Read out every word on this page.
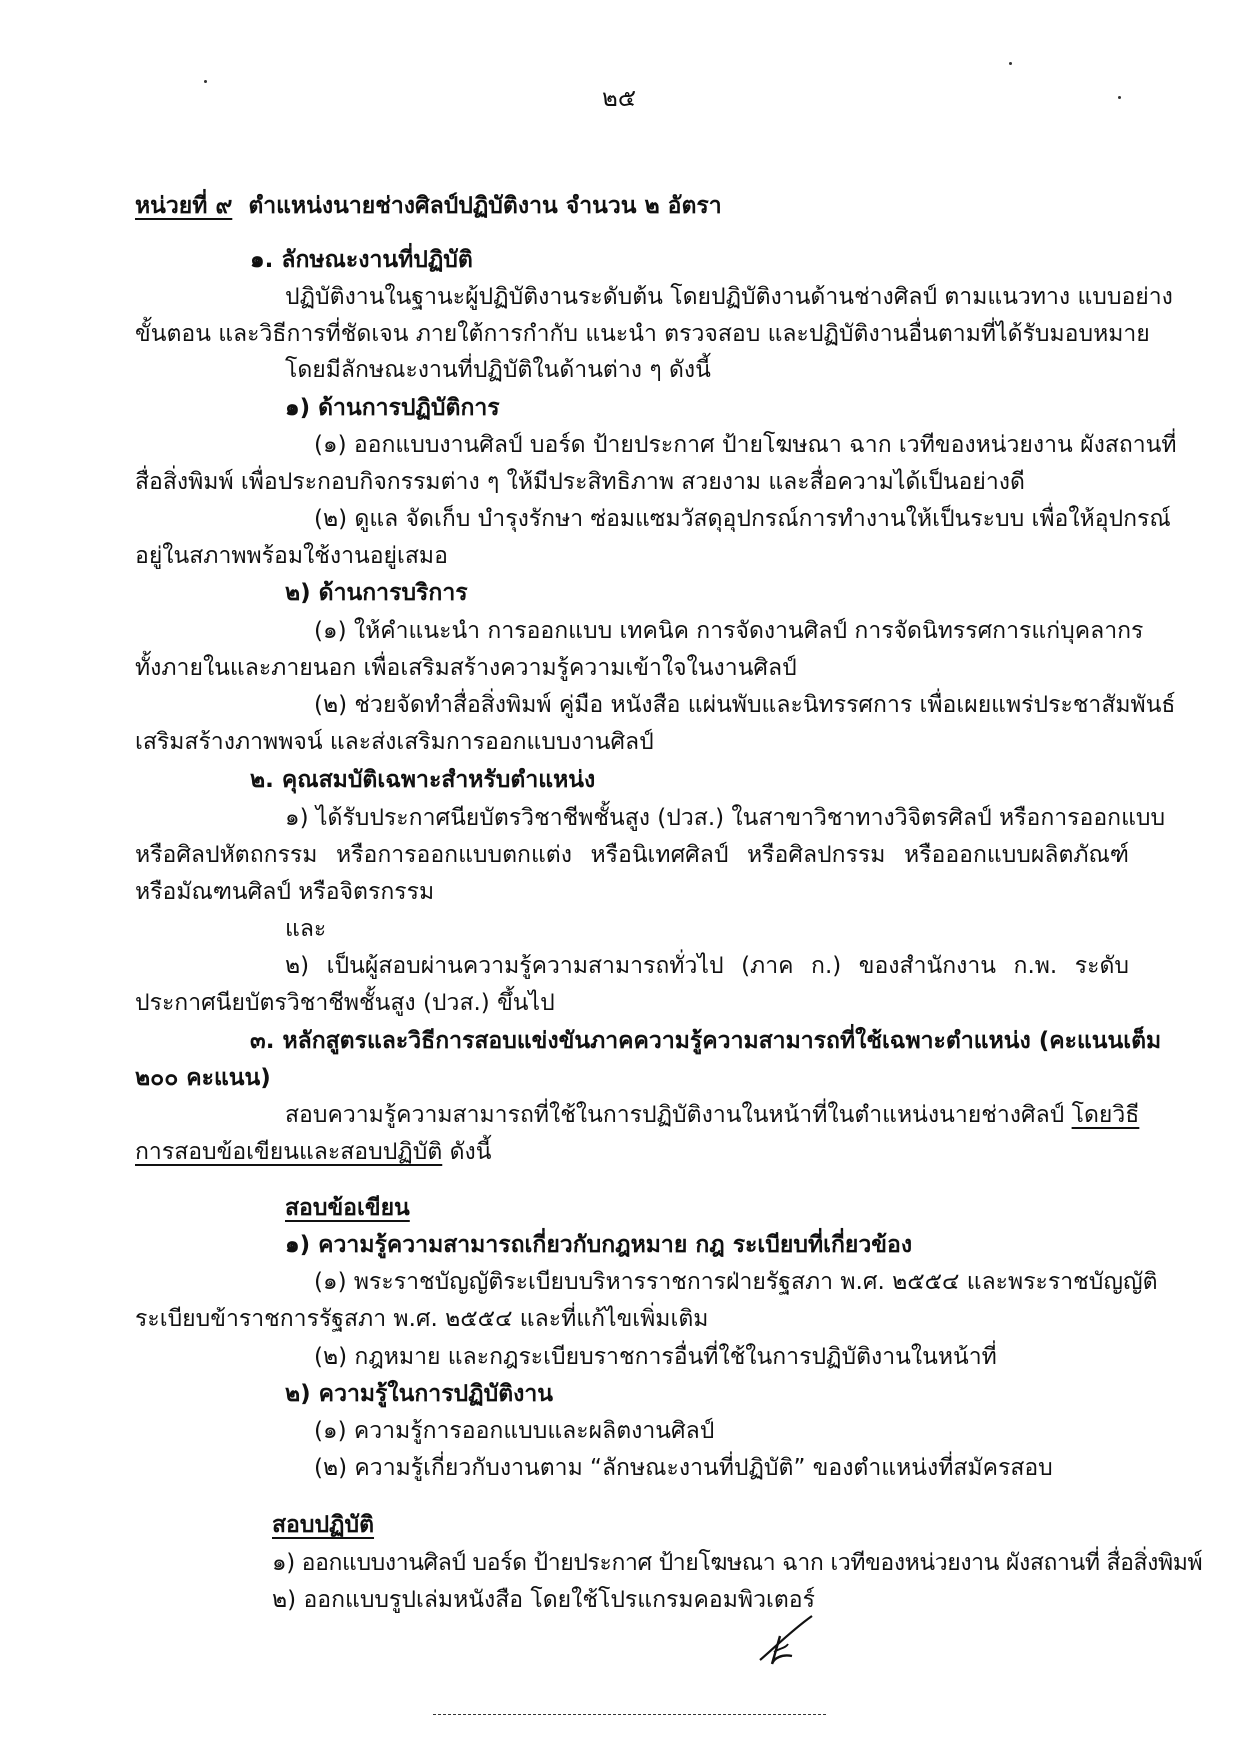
๒๕
หน่วยที่ ๙ ตำแหน่งนายช่างศิลป์ปฏิบัติงาน จำนวน ๒ อัตรา
๑. ลักษณะงานที่ปฏิบัติ
ปฏิบัติงานในฐานะผู้ปฏิบัติงานระดับต้น โดยปฏิบัติงานด้านช่างศิลป์ ตามแนวทาง แบบอย่าง
ขั้นตอน และวิธีการที่ชัดเจน ภายใต้การกำกับ แนะนำ ตรวจสอบ และปฏิบัติงานอื่นตามที่ได้รับมอบหมาย
โดยมีลักษณะงานที่ปฏิบัติในด้านต่าง ๆ ดังนี้
๑) ด้านการปฏิบัติการ
(๑) ออกแบบงานศิลป์ บอร์ด ป้ายประกาศ ป้ายโฆษณา ฉาก เวทีของหน่วยงาน ผังสถานที่
สื่อสิ่งพิมพ์ เพื่อประกอบกิจกรรมต่าง ๆ ให้มีประสิทธิภาพ สวยงาม และสื่อความได้เป็นอย่างดี
(๒) ดูแล จัดเก็บ บำรุงรักษา ซ่อมแซมวัสดุอุปกรณ์การทำงานให้เป็นระบบ เพื่อให้อุปกรณ์
อยู่ในสภาพพร้อมใช้งานอยู่เสมอ
๒) ด้านการบริการ
(๑) ให้คำแนะนำ การออกแบบ เทคนิค การจัดงานศิลป์ การจัดนิทรรศการแก่บุคลากร
ทั้งภายในและภายนอก เพื่อเสริมสร้างความรู้ความเข้าใจในงานศิลป์
(๒) ช่วยจัดทำสื่อสิ่งพิมพ์ คู่มือ หนังสือ แผ่นพับและนิทรรศการ เพื่อเผยแพร่ประชาสัมพันธ์
เสริมสร้างภาพพจน์ และส่งเสริมการออกแบบงานศิลป์
๒. คุณสมบัติเฉพาะสำหรับตำแหน่ง
๑) ได้รับประกาศนียบัตรวิชาชีพชั้นสูง (ปวส.) ในสาขาวิชาทางวิจิตรศิลป์ หรือการออกแบบ
หรือศิลปหัตถกรรม หรือการออกแบบตกแต่ง หรือนิเทศศิลป์ หรือศิลปกรรม หรือออกแบบผลิตภัณฑ์
หรือมัณฑนศิลป์ หรือจิตรกรรม
และ
๒) เป็นผู้สอบผ่านความรู้ความสามารถทั่วไป (ภาค ก.) ของสำนักงาน ก.พ. ระดับ
ประกาศนียบัตรวิชาชีพชั้นสูง (ปวส.) ขึ้นไป
๓. หลักสูตรและวิธีการสอบแข่งขันภาคความรู้ความสามารถที่ใช้เฉพาะตำแหน่ง (คะแนนเต็ม
๒๐๐ คะแนน)
สอบความรู้ความสามารถที่ใช้ในการปฏิบัติงานในหน้าที่ในตำแหน่งนายช่างศิลป์ โดยวิธี
การสอบข้อเขียนและสอบปฏิบัติ ดังนี้
สอบข้อเขียน
๑) ความรู้ความสามารถเกี่ยวกับกฎหมาย กฎ ระเบียบที่เกี่ยวข้อง
(๑) พระราชบัญญัติระเบียบบริหารราชการฝ่ายรัฐสภา พ.ศ. ๒๕๕๔ และพระราชบัญญัติ
ระเบียบข้าราชการรัฐสภา พ.ศ. ๒๕๕๔ และที่แก้ไขเพิ่มเติม
(๒) กฎหมาย และกฎระเบียบราชการอื่นที่ใช้ในการปฏิบัติงานในหน้าที่
๒) ความรู้ในการปฏิบัติงาน
(๑) ความรู้การออกแบบและผลิตงานศิลป์
(๒) ความรู้เกี่ยวกับงานตาม “ลักษณะงานที่ปฏิบัติ” ของตำแหน่งที่สมัครสอบ
สอบปฏิบัติ
๑) ออกแบบงานศิลป์ บอร์ด ป้ายประกาศ ป้ายโฆษณา ฉาก เวทีของหน่วยงาน ผังสถานที่ สื่อสิ่งพิมพ์
๒) ออกแบบรูปเล่มหนังสือ โดยใช้โปรแกรมคอมพิวเตอร์
